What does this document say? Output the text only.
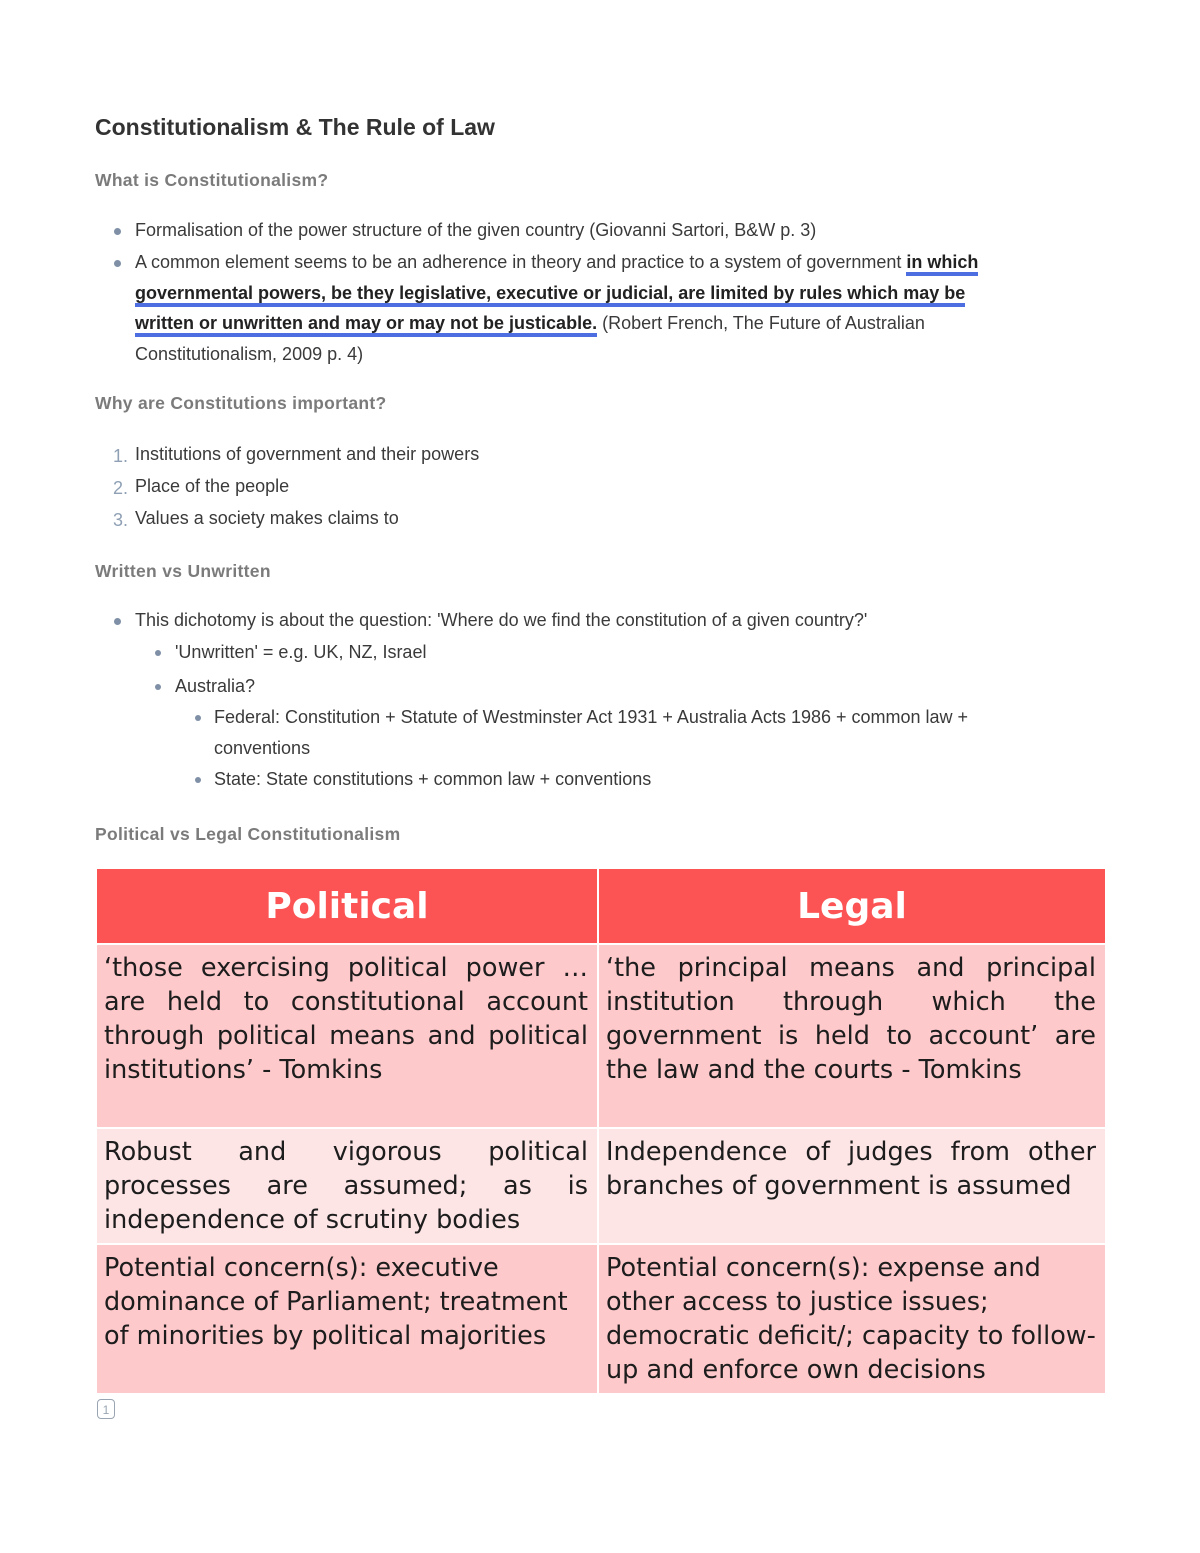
Constitutionalism & The Rule of Law
What is Constitutionalism?
Formalisation of the power structure of the given country (Giovanni Sartori, B&W p. 3)
A common element seems to be an adherence in theory and practice to a system of government in which
governmental powers, be they legislative, executive or judicial, are limited by rules which may be
written or unwritten and may or may not be justicable. (Robert French, The Future of Australian
Constitutionalism, 2009 p. 4)
Why are Constitutions important?
1. Institutions of government and their powers
2. Place of the people
3. Values a society makes claims to
Written vs Unwritten
This dichotomy is about the question: 'Where do we find the constitution of a given country?'
'Unwritten' = e.g. UK, NZ, Israel
Australia?
Federal: Constitution + Statute of Westminster Act 1931 + Australia Acts 1986 + common law +
conventions
State: State constitutions + common law + conventions
Political vs Legal Constitutionalism
Political	Legal
‘those exercising political power … are held to constitutional account through political means and political institutions’ - Tomkins	‘the principal means and principal institution through which the government is held to account’ are the law and the courts - Tomkins
Robust and vigorous political processes are assumed; as is independence of scrutiny bodies	Independence of judges from other branches of government is assumed
Potential concern(s): executive dominance of Parliament; treatment of minorities by political majorities	Potential concern(s): expense and other access to justice issues; democratic deficit/; capacity to follow-up and enforce own decisions
1
